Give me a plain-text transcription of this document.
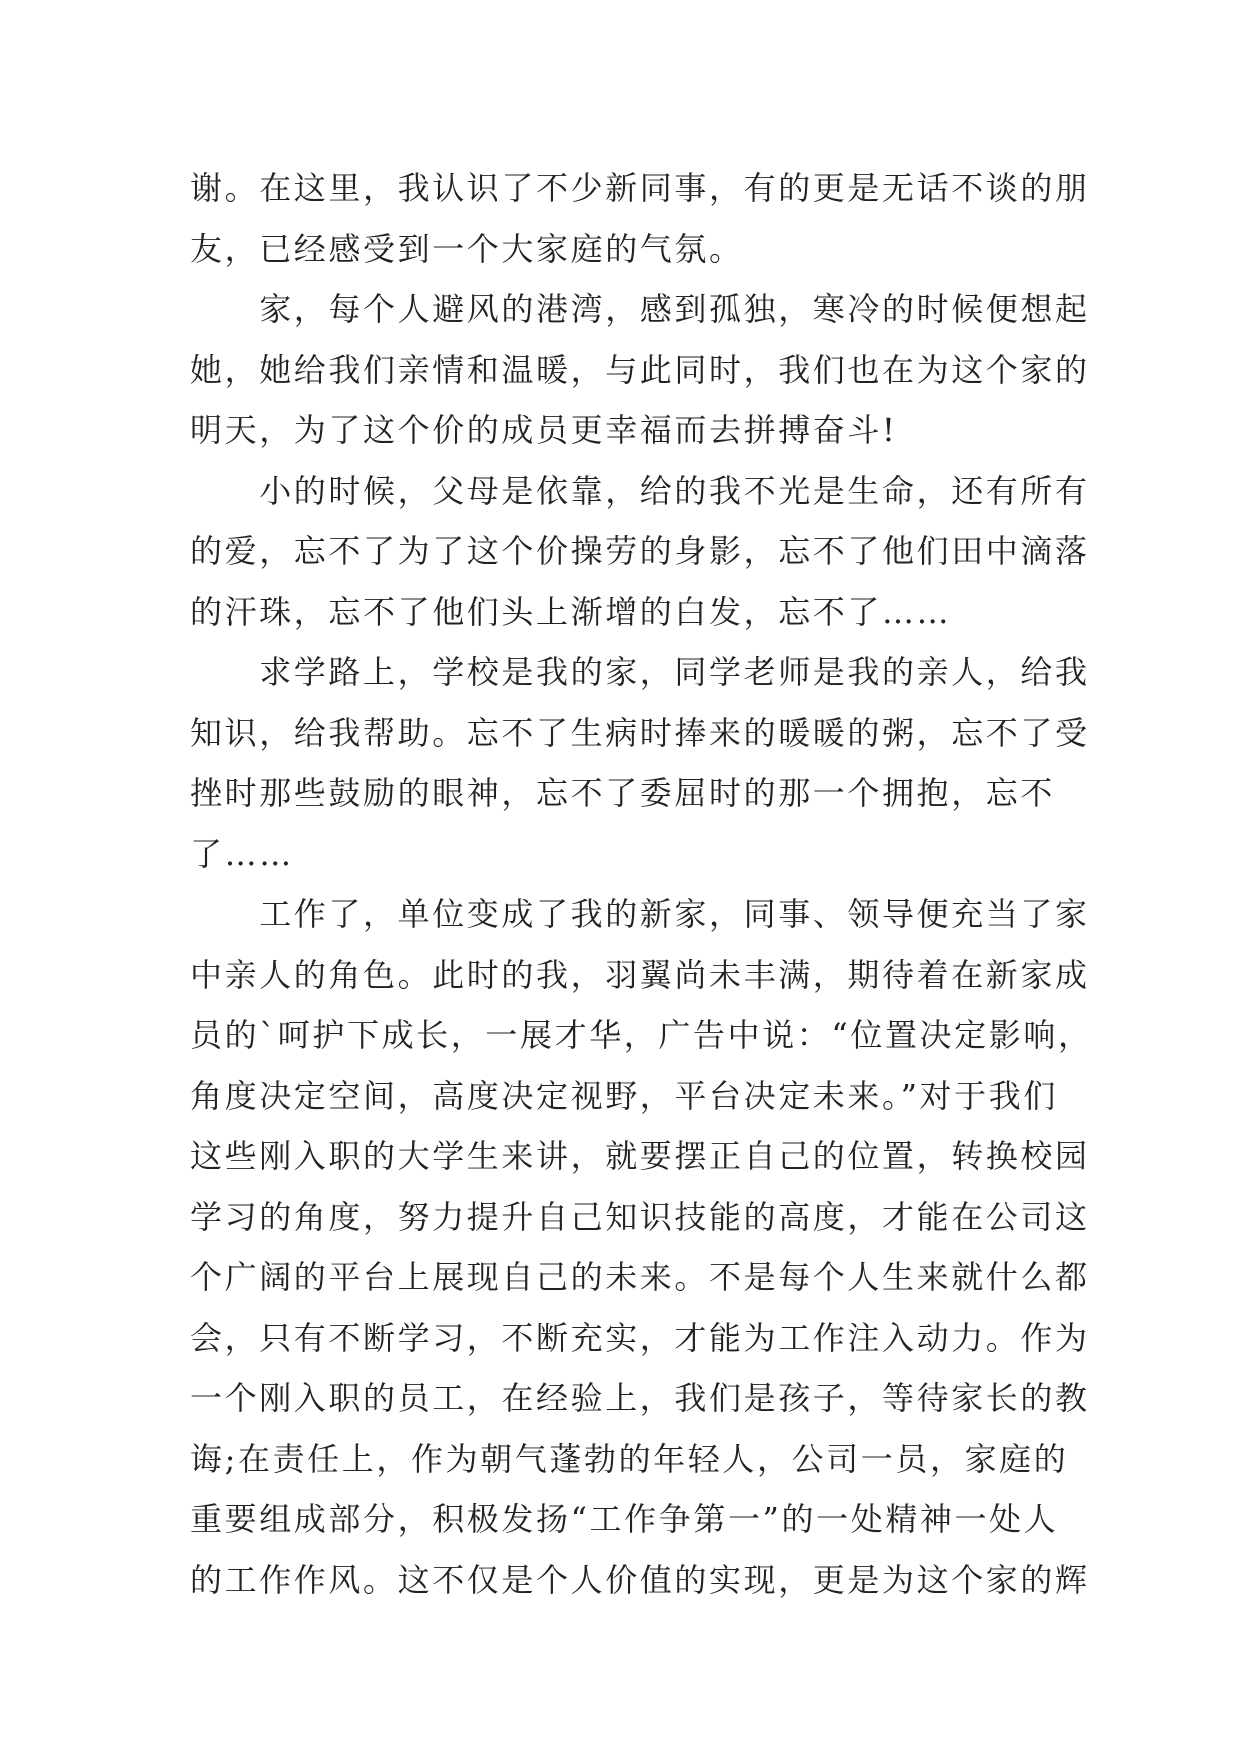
谢。在这里，我认识了不少新同事，有的更是无话不谈的朋
友，已经感受到一个大家庭的气氛。
　　家，每个人避风的港湾，感到孤独，寒冷的时候便想起
她，她给我们亲情和温暖，与此同时，我们也在为这个家的
明天，为了这个价的成员更幸福而去拼搏奋斗!
　　小的时候，父母是依靠，给的我不光是生命，还有所有
的爱，忘不了为了这个价操劳的身影，忘不了他们田中滴落
的汗珠，忘不了他们头上渐增的白发，忘不了……
　　求学路上，学校是我的家，同学老师是我的亲人，给我
知识，给我帮助。忘不了生病时捧来的暖暖的粥，忘不了受
挫时那些鼓励的眼神，忘不了委屈时的那一个拥抱，忘不
了……
　　工作了，单位变成了我的新家，同事、领导便充当了家
中亲人的角色。此时的我，羽翼尚未丰满，期待着在新家成
员的`呵护下成长，一展才华，广告中说：“位置决定影响，
角度决定空间，高度决定视野，平台决定未来。”对于我们
这些刚入职的大学生来讲，就要摆正自己的位置，转换校园
学习的角度，努力提升自己知识技能的高度，才能在公司这
个广阔的平台上展现自己的未来。不是每个人生来就什么都
会，只有不断学习，不断充实，才能为工作注入动力。作为
一个刚入职的员工，在经验上，我们是孩子，等待家长的教
诲;在责任上，作为朝气蓬勃的年轻人，公司一员，家庭的
重要组成部分，积极发扬“工作争第一”的一处精神一处人
的工作作风。这不仅是个人价值的实现，更是为这个家的辉
